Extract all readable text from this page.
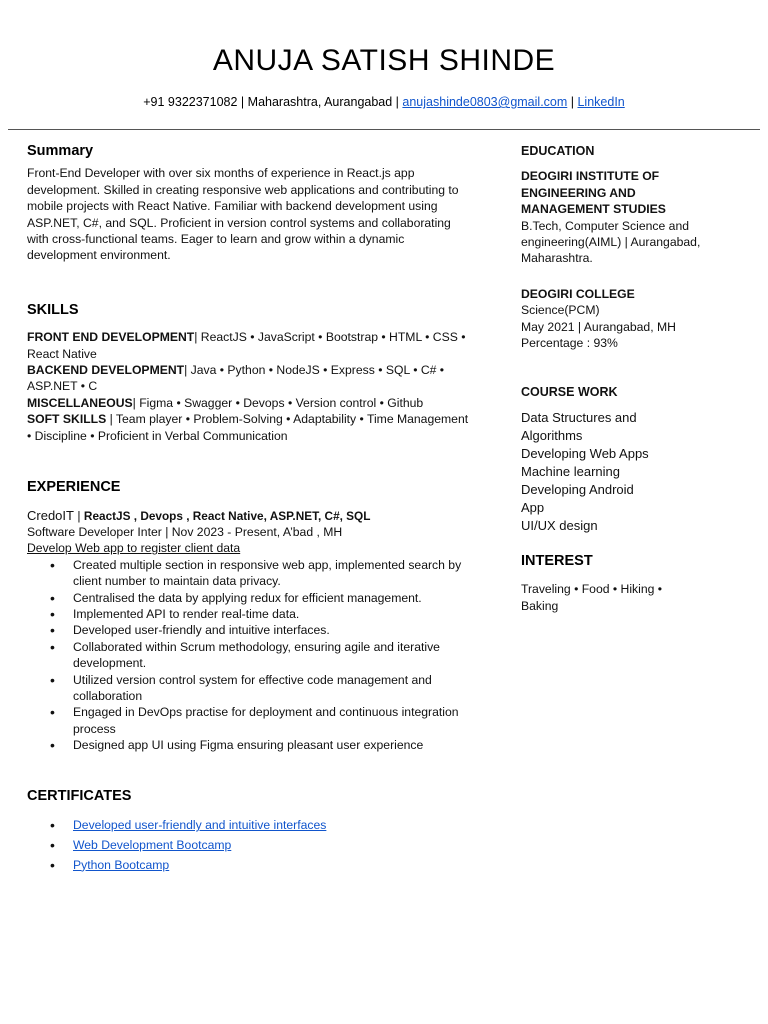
ANUJA SATISH SHINDE
+91 9322371082 | Maharashtra, Aurangabad | anujashinde0803@gmail.com | LinkedIn
Summary

Front-End Developer with over six months of experience in React.js app development. Skilled in creating responsive web applications and contributing to mobile projects with React Native. Familiar with backend development using ASP.NET, C#, and SQL. Proficient in version control systems and collaborating with cross-functional teams. Eager to learn and grow within a dynamic development environment.

SKILLS

FRONT END DEVELOPMENT| ReactJS • JavaScript • Bootstrap • HTML • CSS • React Native

BACKEND DEVELOPMENT| Java • Python • NodeJS • Express • SQL • C# • ASP.NET • C

MISCELLANEOUS| Figma • Swagger • Devops • Version control • Github

SOFT SKILLS | Team player • Problem-Solving • Adaptability • Time Management • Discipline • Proficient in Verbal Communication

EXPERIENCE

CredoIT | ReactJS , Devops , React Native, ASP.NET, C#, SQL

Software Developer Inter | Nov 2023 - Present, A’bad , MH

Develop Web app to register client data

• Created multiple section in responsive web app, implemented search by client number to maintain data privacy.
• Centralised the data by applying redux for efficient management.
• Implemented API to render real-time data.
• Developed user-friendly and intuitive interfaces.
• Collaborated within Scrum methodology, ensuring agile and iterative development.
• Utilized version control system for effective code management and collaboration
• Engaged in DevOps practise for deployment and continuous integration process
• Designed app UI using Figma ensuring pleasant user experience
CERTIFICATES
• Developed user-friendly and intuitive interfaces
• Web Development Bootcamp
• Python Bootcamp

EDUCATION

DEOGIRI INSTITUTE OF ENGINEERING AND MANAGEMENT STUDIES

B.Tech, Computer Science and engineering(AIML) | Aurangabad, Maharashtra.

DEOGIRI COLLEGE

Science(PCM)

May 2021 | Aurangabad, MH

Percentage : 93%

COURSE WORK

Data Structures and Algorithms

Developing Web Apps

Machine learning

Developing Android App

UI/UX design

INTEREST

Traveling • Food • Hiking • Baking
